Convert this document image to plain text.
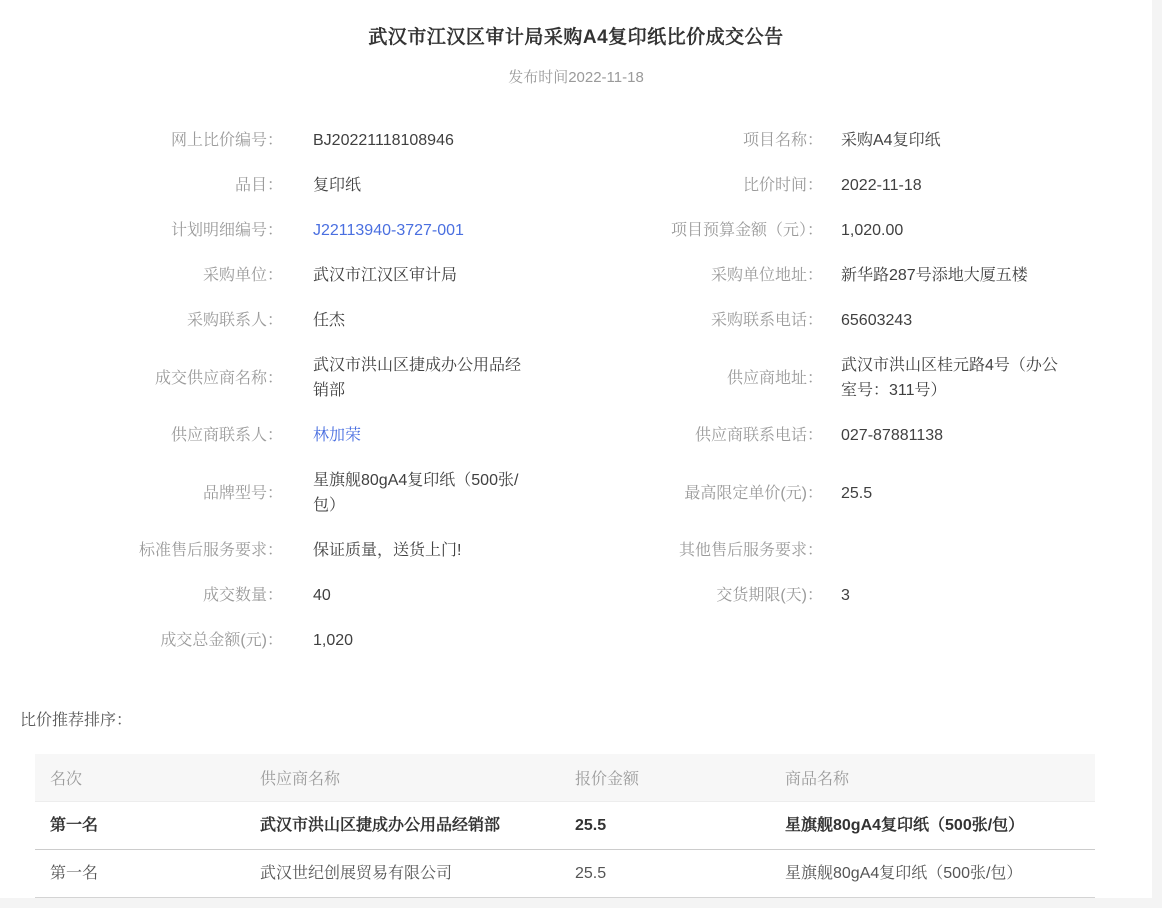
武汉市江汉区审计局采购A4复印纸比价成交公告
发布时间2022-11-18
网上比价编号： BJ20221118108946	项目名称： 采购A4复印纸
品目： 复印纸	比价时间： 2022-11-18
计划明细编号： J22113940-3727-001	项目预算金额（元）： 1,020.00
采购单位： 武汉市江汉区审计局	采购单位地址： 新华路287号添地大厦五楼
采购联系人： 任杰	采购联系电话： 65603243
成交供应商名称：
武汉市洪山区捷成办公用品经销部
供应商地址：
武汉市洪山区桂元路4号（办公室号：311号）
供应商联系人： 林加荣	供应商联系电话： 027-87881138
品牌型号：
星旗舰80gA4复印纸（500张/包）
最高限定单价(元)： 25.5
标准售后服务要求： 保证质量，送货上门!	其他售后服务要求：
成交数量： 40	交货期限(天)： 3
成交总金额(元)： 1,020
比价推荐排序：
名次	供应商名称	报价金额	商品名称
第一名	武汉市洪山区捷成办公用品经销部	25.5	星旗舰80gA4复印纸（500张/包）
第一名	武汉世纪创展贸易有限公司	25.5	星旗舰80gA4复印纸（500张/包）
